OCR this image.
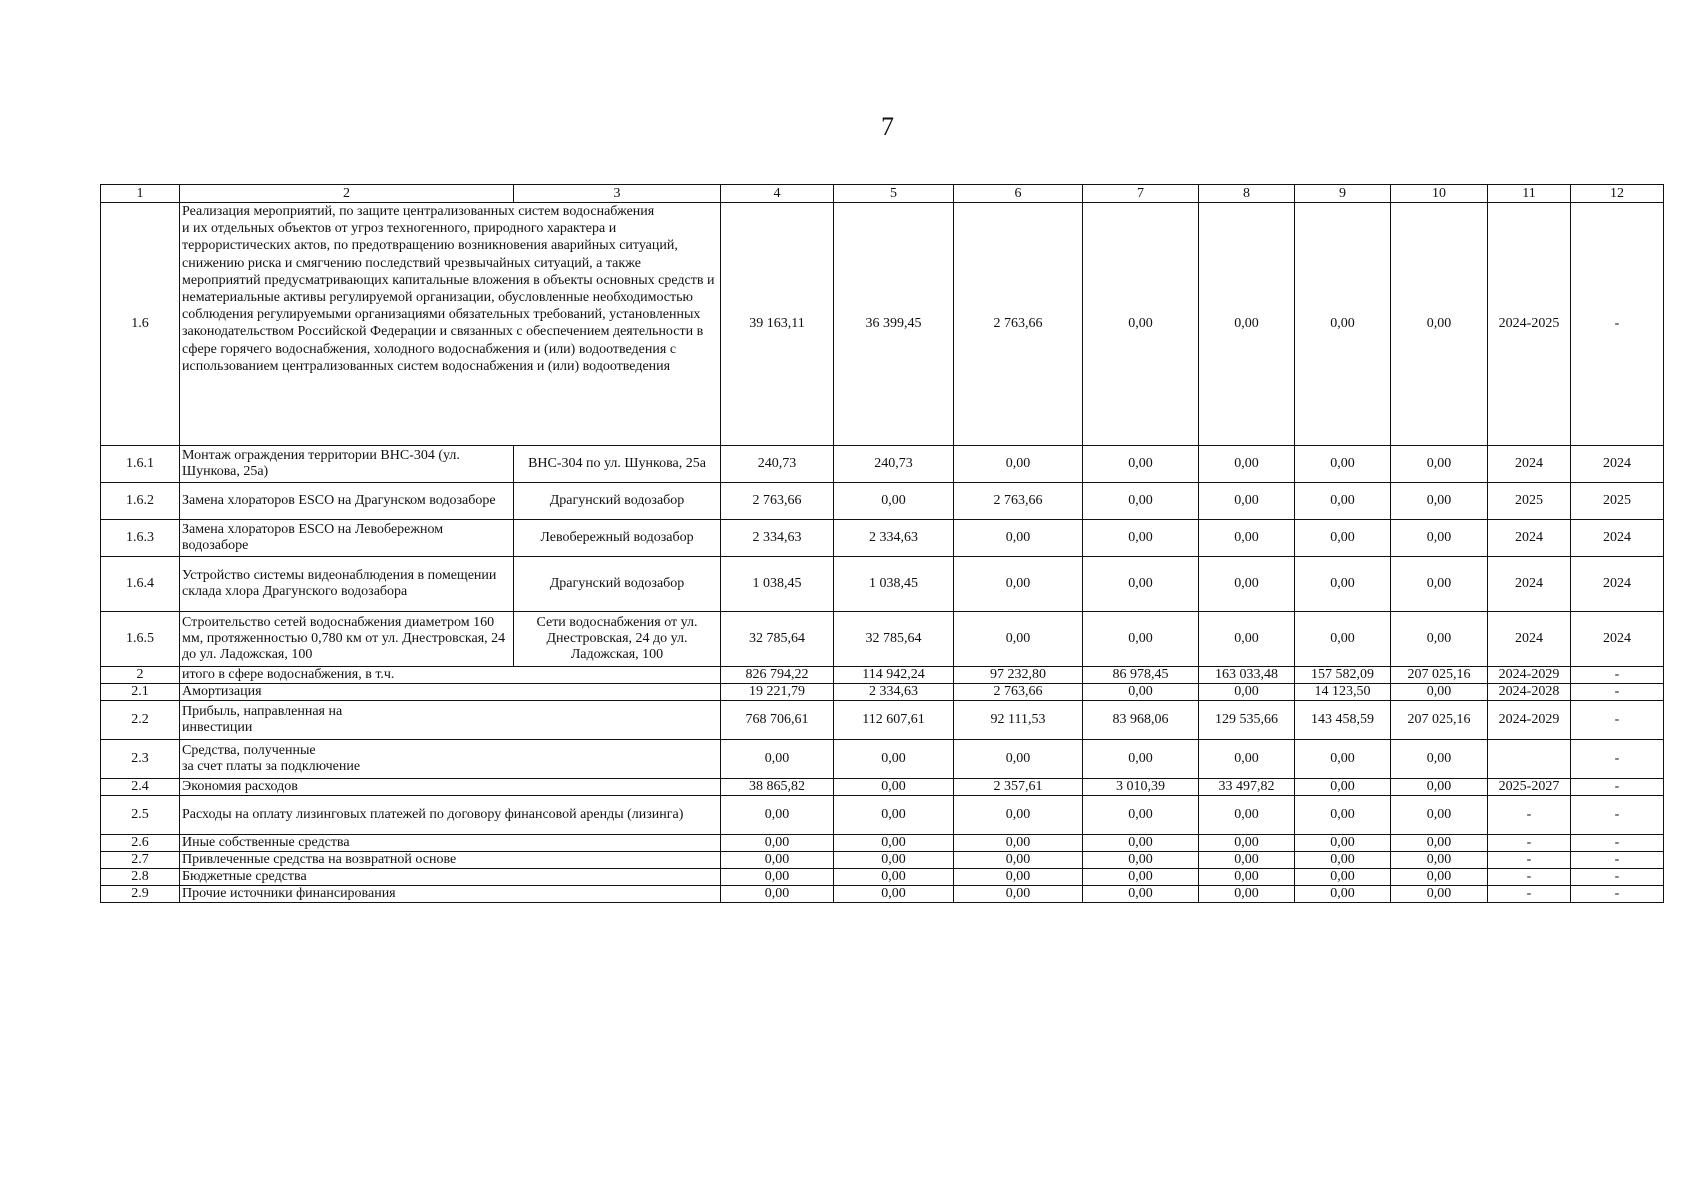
7
1	2	3	4	5	6	7	8	9	10	11	12
1.6	Реализация мероприятий, по защите централизованных систем водоснабжения
и их отдельных объектов от угроз техногенного, природного характера и террористических актов, по предотвращению возникновения аварийных ситуаций, снижению риска и смягчению последствий чрезвычайных ситуаций, а также мероприятий предусматривающих капитальные вложения в объекты основных средств и нематериальные активы регулируемой организации, обусловленные необходимостью соблюдения регулируемыми организациями обязательных требований, установленных законодательством Российской Федерации и связанных с обеспечением деятельности в сфере горячего водоснабжения, холодного водоснабжения и (или) водоотведения с использованием централизованных систем водоснабжения и (или) водоотведения		39 163,11	36 399,45	2 763,66	0,00	0,00	0,00	0,00	2024-2025	-
1.6.1	Монтаж ограждения территории ВНС-304 (ул. Шункова, 25а)	ВНС-304 по ул. Шункова, 25а	240,73	240,73	0,00	0,00	0,00	0,00	0,00	2024	2024
1.6.2	Замена хлораторов ESCO на Драгунском водозаборе	Драгунский водозабор	2 763,66	0,00	2 763,66	0,00	0,00	0,00	0,00	2025	2025
1.6.3	Замена хлораторов ESCO на Левобережном водозаборе	Левобережный водозабор	2 334,63	2 334,63	0,00	0,00	0,00	0,00	0,00	2024	2024
1.6.4	Устройство системы видеонаблюдения в помещении склада хлора Драгунского водозабора	Драгунский водозабор	1 038,45	1 038,45	0,00	0,00	0,00	0,00	0,00	2024	2024
1.6.5	Строительство сетей водоснабжения диаметром 160 мм, протяженностью 0,780 км от ул. Днестровская, 24 до ул. Ладожская, 100	Сети водоснабжения от ул. Днестровская, 24 до ул. Ладожская, 100	32 785,64	32 785,64	0,00	0,00	0,00	0,00	0,00	2024	2024
2	итого в сфере водоснабжения, в т.ч.		826 794,22	114 942,24	97 232,80	86 978,45	163 033,48	157 582,09	207 025,16	2024-2029	-
2.1	Амортизация		19 221,79	2 334,63	2 763,66	0,00	0,00	14 123,50	0,00	2024-2028	-
2.2	Прибыль, направленная на
инвестиции		768 706,61	112 607,61	92 111,53	83 968,06	129 535,66	143 458,59	207 025,16	2024-2029	-
2.3	Средства, полученные
за счет платы за подключение		0,00	0,00	0,00	0,00	0,00	0,00	0,00		-
2.4	Экономия расходов		38 865,82	0,00	2 357,61	3 010,39	33 497,82	0,00	0,00	2025-2027	-
2.5	Расходы на оплату лизинговых платежей по договору финансовой аренды (лизинга)		0,00	0,00	0,00	0,00	0,00	0,00	0,00	-	-
2.6	Иные собственные средства		0,00	0,00	0,00	0,00	0,00	0,00	0,00	-	-
2.7	Привлеченные средства на возвратной основе		0,00	0,00	0,00	0,00	0,00	0,00	0,00	-	-
2.8	Бюджетные средства		0,00	0,00	0,00	0,00	0,00	0,00	0,00	-	-
2.9	Прочие источники финансирования		0,00	0,00	0,00	0,00	0,00	0,00	0,00	-	-
